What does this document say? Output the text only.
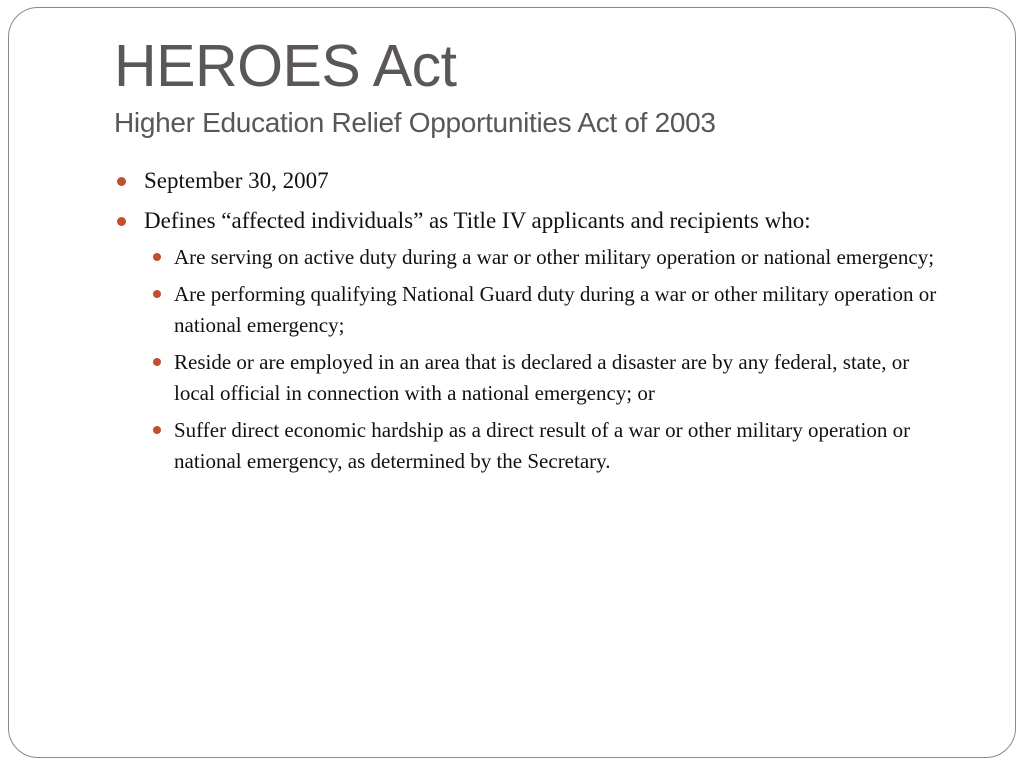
HEROES Act
Higher Education Relief Opportunities Act of 2003
September 30, 2007
Defines “affected individuals” as Title IV applicants and recipients who:
Are serving on active duty during a war or other military operation or national emergency;
Are performing qualifying National Guard duty during a war or other military operation or national emergency;
Reside or are employed in an area that is declared a disaster are by any federal, state, or local official in connection with a national emergency; or
Suffer direct economic hardship as a direct result of a war or other military operation or national emergency, as determined by the Secretary.
